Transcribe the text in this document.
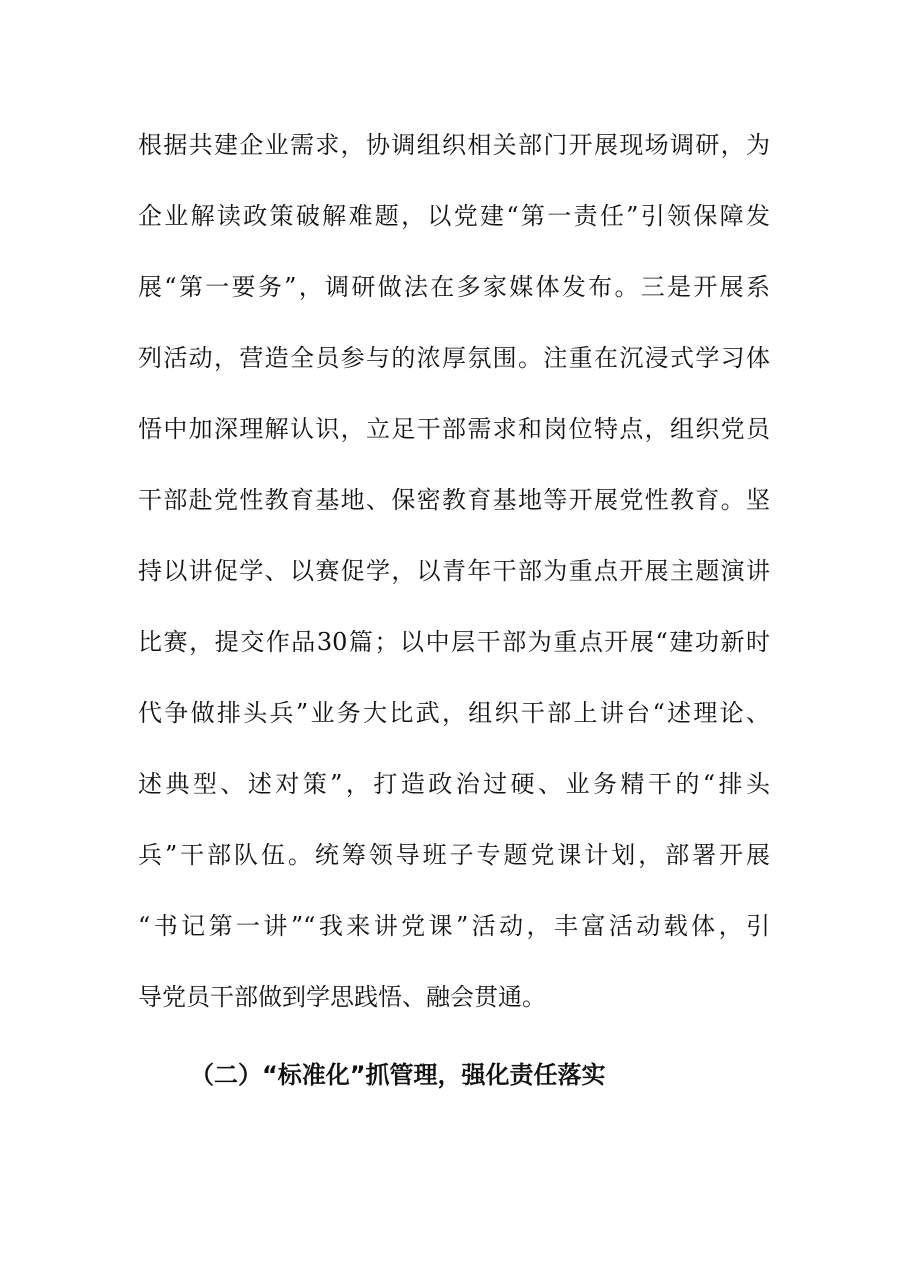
根据共建企业需求，协调组织相关部门开展现场调研，为
企业解读政策破解难题，以党建“第一责任”引领保障发
展“第一要务”，调研做法在多家媒体发布。三是开展系
列活动，营造全员参与的浓厚氛围。注重在沉浸式学习体
悟中加深理解认识，立足干部需求和岗位特点，组织党员
干部赴党性教育基地、保密教育基地等开展党性教育。坚
持以讲促学、以赛促学，以青年干部为重点开展主题演讲
比赛，提交作品30篇；以中层干部为重点开展“建功新时
代争做排头兵”业务大比武，组织干部上讲台“述理论、
述典型、述对策”，打造政治过硬、业务精干的“排头
兵”干部队伍。统筹领导班子专题党课计划，部署开展
“书记第一讲”“我来讲党课”活动，丰富活动载体，引
导党员干部做到学思践悟、融会贯通。
（二）“标准化”抓管理，强化责任落实
